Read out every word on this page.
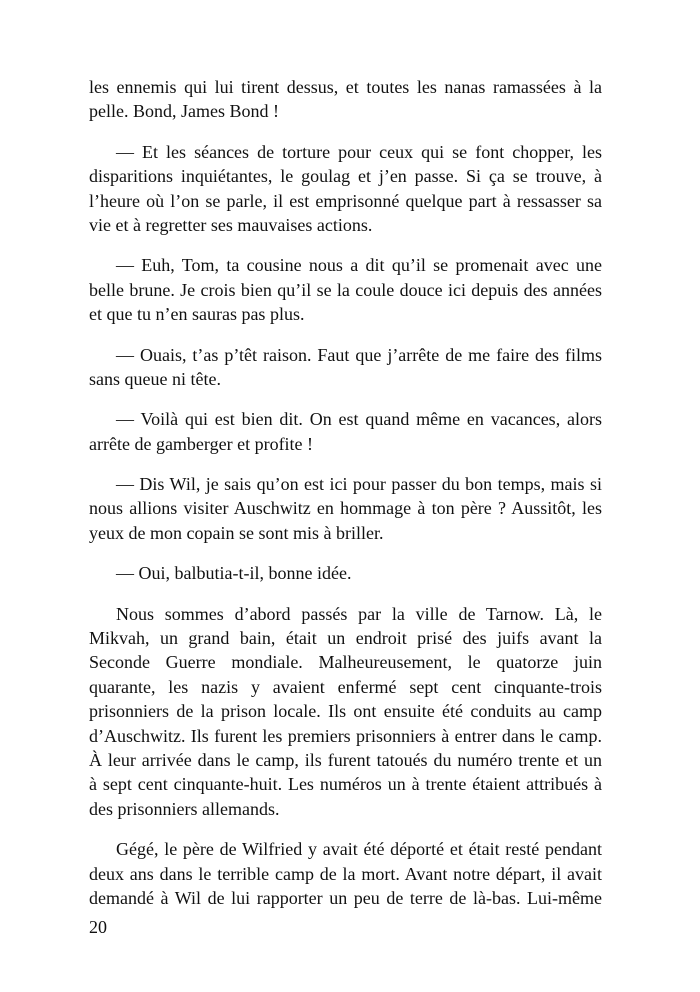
les ennemis qui lui tirent dessus, et toutes les nanas ramassées à la
pelle. Bond, James Bond !
— Et les séances de torture pour ceux qui se font chopper, les
disparitions inquiétantes, le goulag et j’en passe. Si ça se trouve, à
l’heure où l’on se parle, il est emprisonné quelque part à ressasser sa
vie et à regretter ses mauvaises actions.
— Euh, Tom, ta cousine nous a dit qu’il se promenait avec une
belle brune. Je crois bien qu’il se la coule douce ici depuis des années
et que tu n’en sauras pas plus.
— Ouais, t’as p’têt raison. Faut que j’arrête de me faire des films
sans queue ni tête.
— Voilà qui est bien dit. On est quand même en vacances, alors
arrête de gamberger et profite !
— Dis Wil, je sais qu’on est ici pour passer du bon temps, mais si
nous allions visiter Auschwitz en hommage à ton père ? Aussitôt, les
yeux de mon copain se sont mis à briller.
— Oui, balbutia-t-il, bonne idée.
Nous sommes d’abord passés par la ville de Tarnow. Là, le
Mikvah, un grand bain, était un endroit prisé des juifs avant la
Seconde Guerre mondiale. Malheureusement, le quatorze juin
quarante, les nazis y avaient enfermé sept cent cinquante-trois
prisonniers de la prison locale. Ils ont ensuite été conduits au camp
d’Auschwitz. Ils furent les premiers prisonniers à entrer dans le camp.
À leur arrivée dans le camp, ils furent tatoués du numéro trente et un
à sept cent cinquante-huit. Les numéros un à trente étaient attribués à
des prisonniers allemands.
Gégé, le père de Wilfried y avait été déporté et était resté pendant
deux ans dans le terrible camp de la mort. Avant notre départ, il avait
demandé à Wil de lui rapporter un peu de terre de là-bas. Lui-même
20
